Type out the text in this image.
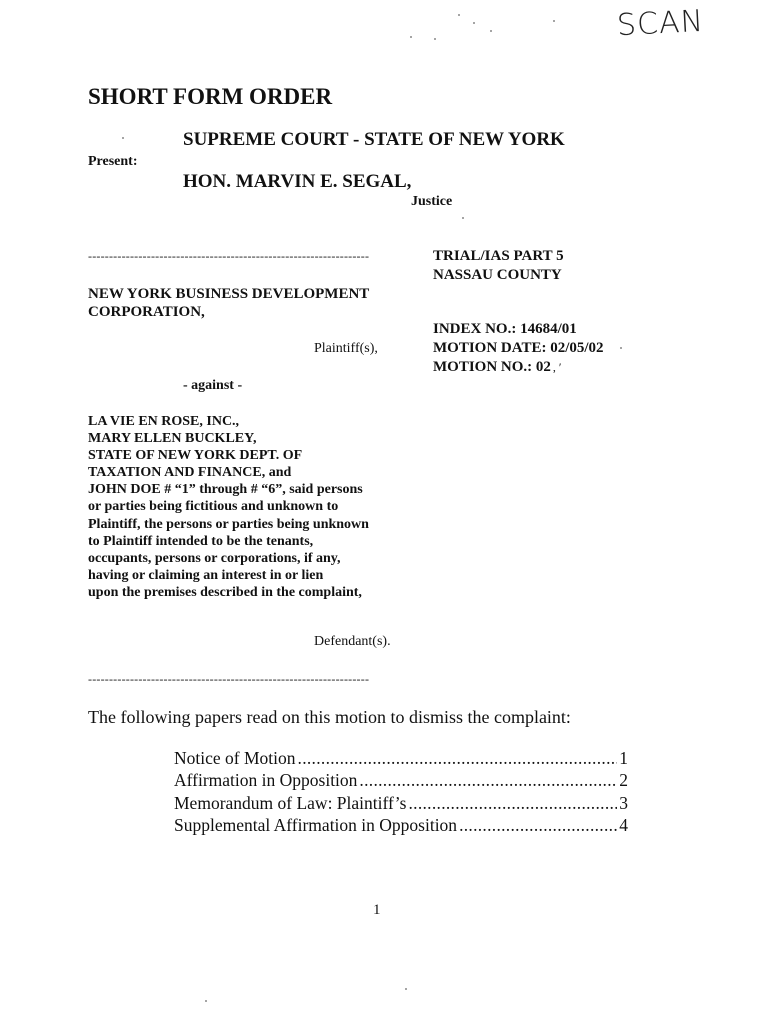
SCAN
SHORT FORM ORDER
SUPREME COURT - STATE OF NEW YORK
Present:
HON. MARVIN E. SEGAL,
Justice
-------------------------------------------------------------------	TRIAL/IAS PART 5
NASSAU COUNTY
NEW YORK BUSINESS DEVELOPMENT
CORPORATION,
INDEX NO.: 14684/01
MOTION DATE: 02/05/02
MOTION NO.: 02 , ′
Plaintiff(s),
- against -
LA VIE EN ROSE, INC.,
MARY ELLEN BUCKLEY,
STATE OF NEW YORK DEPT. OF
TAXATION AND FINANCE, and
JOHN DOE # “1” through # “6”, said persons
or parties being fictitious and unknown to
Plaintiff, the persons or parties being unknown
to Plaintiff intended to be the tenants,
occupants, persons or corporations, if any,
having or claiming an interest in or lien
upon the premises described in the complaint,
Defendant(s).
-------------------------------------------------------------------
The following papers read on this motion to dismiss the complaint:
Notice of Motion .....	1
Affirmation in Opposition .....	2
Memorandum of Law: Plaintiff’s .....	3
Supplemental Affirmation in Opposition .....	4
1
